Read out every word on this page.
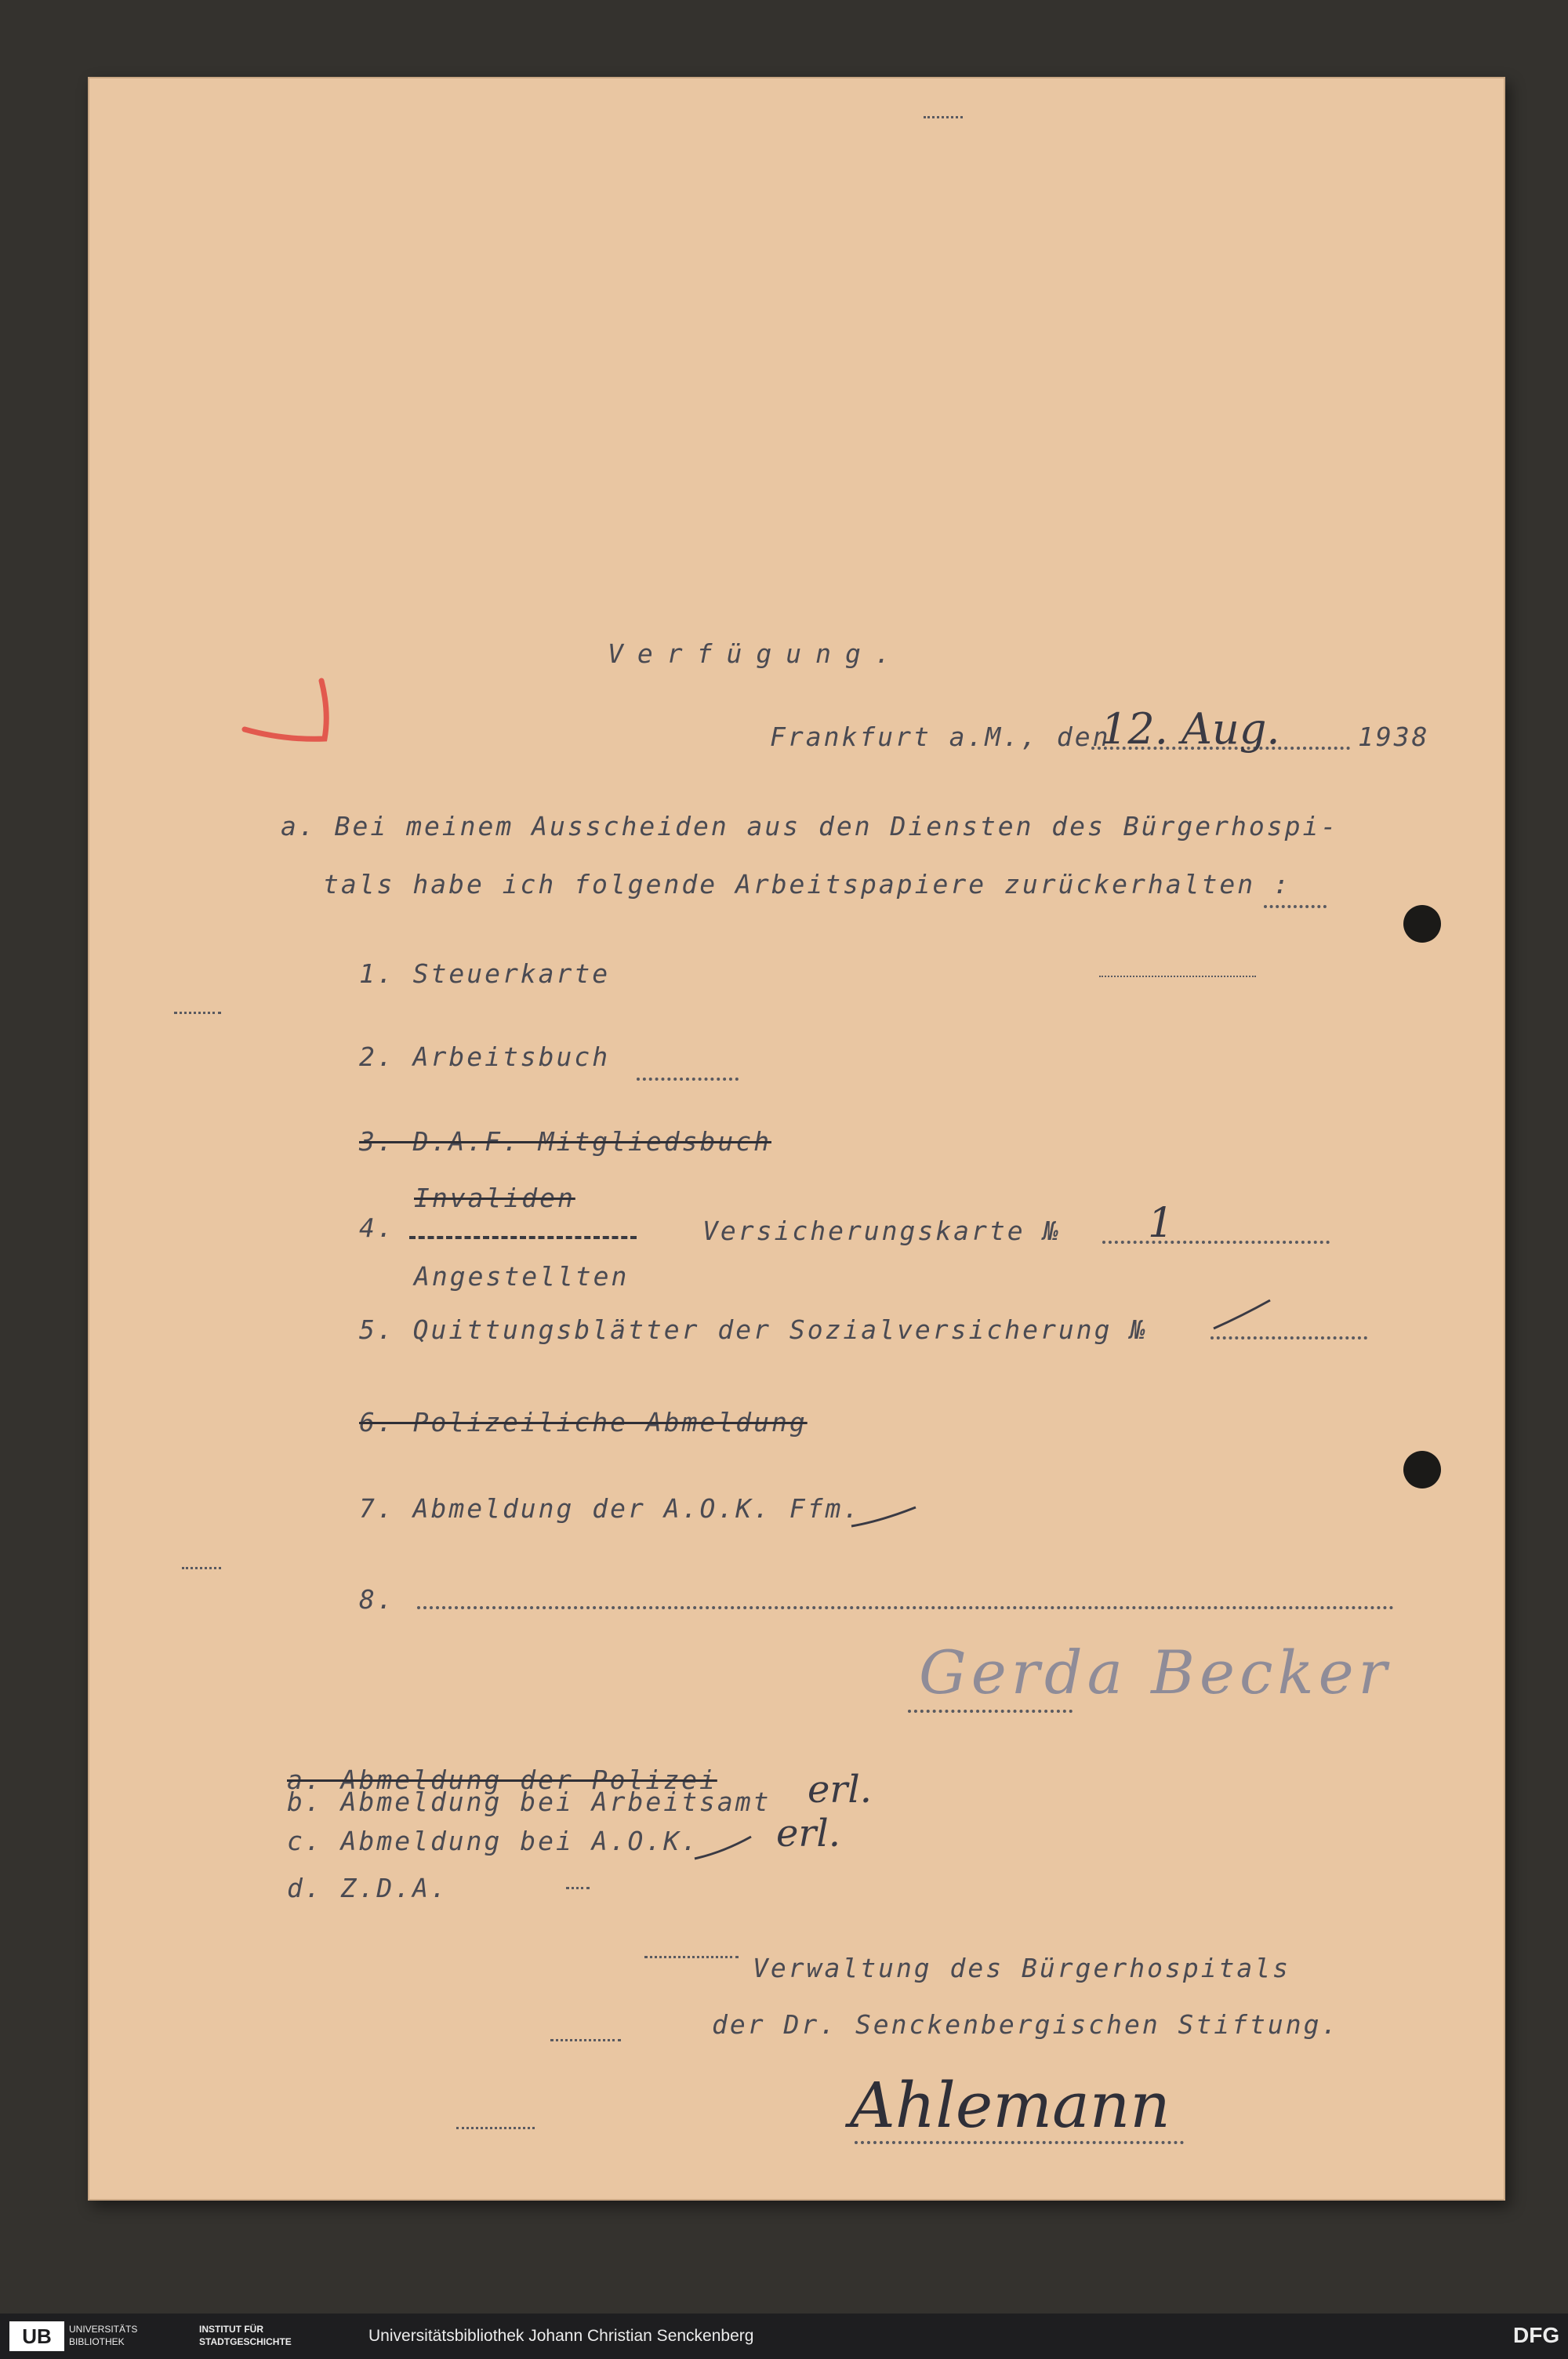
Verfügung.
Frankfurt a.M., den
12. Aug.	1938
a. Bei meinem Ausscheiden aus den Diensten des Bürgerhospi-
tals habe ich folgende Arbeitspapiere zurückerhalten :
1. Steuerkarte
2. Arbeitsbuch
3. D.A.F. Mitgliedsbuch
4.
Invaliden
Versicherungskarte № 1
Angestellten
5. Quittungsblätter der Sozialversicherung №
6. Polizeiliche Abmeldung
7. Abmeldung der A.O.K. Ffm.
8.
Gerda Becker
a. Abmeldung der Polizei
b. Abmeldung bei Arbeitsamt erl.
c. Abmeldung bei A.O.K. erl.
d. Z.D.A.
Verwaltung des Bürgerhospitals
der Dr. Senckenbergischen Stiftung.
Ahlemann
UB	UNIVERSITÄTS BIBLIOTHEK
INSTITUT FÜR STADTGESCHICHTE	Universitätsbibliothek Johann Christian Senckenberg	DFG
